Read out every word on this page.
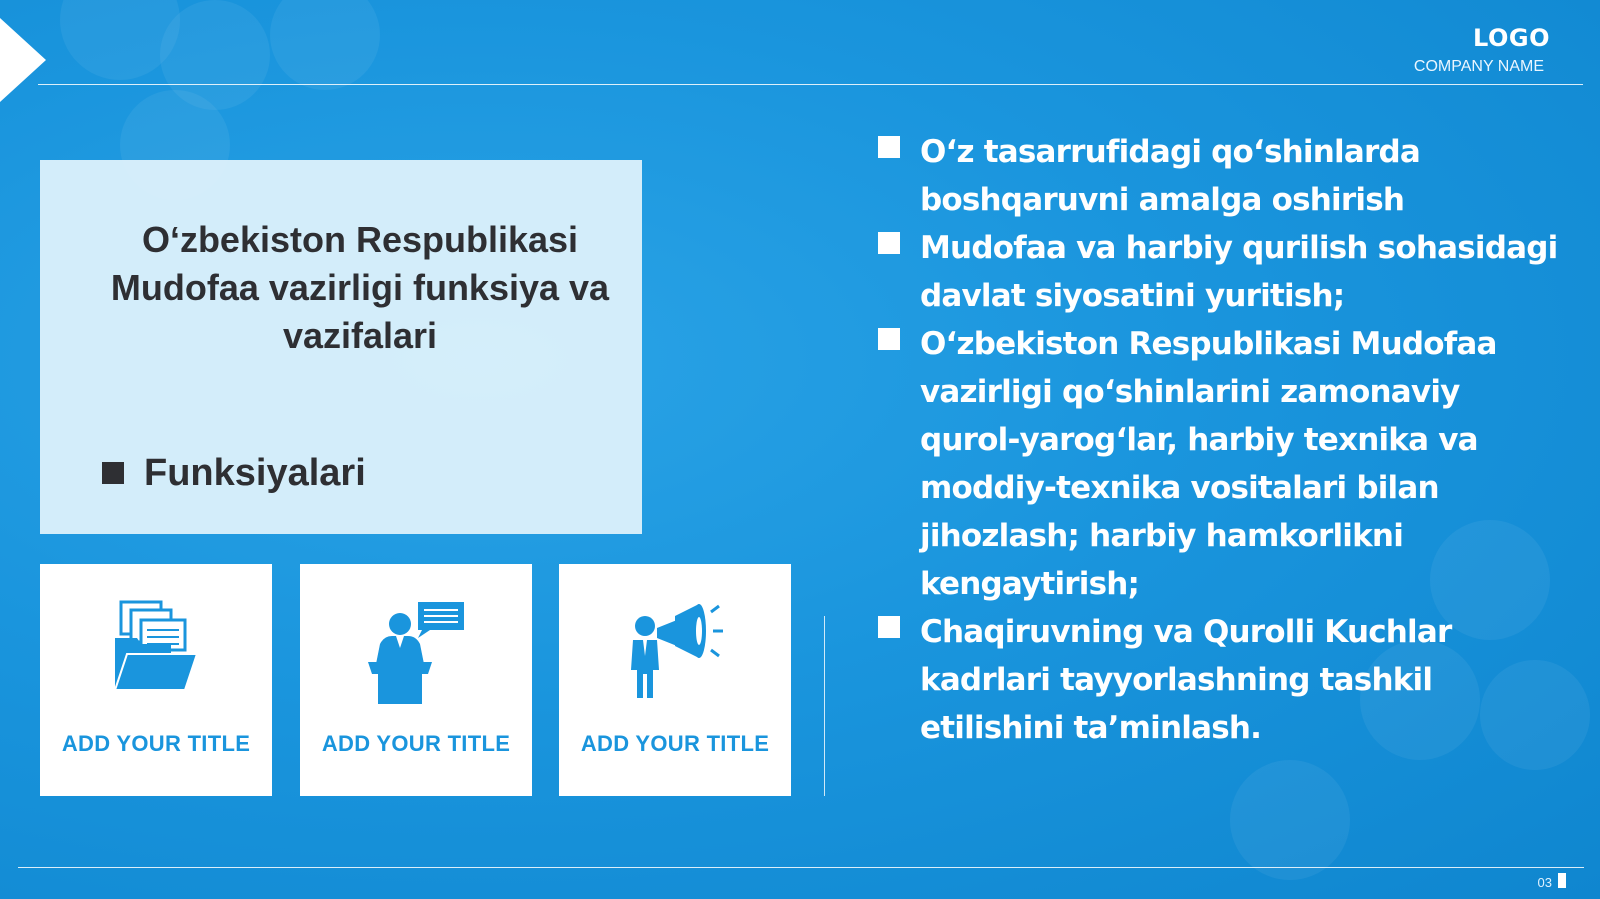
LOGO
COMPANY NAME
O‘zbekiston Respublikasi Mudofaa vazirligi funksiya va vazifalari
Funksiyalari
ADD YOUR TITLE	ADD YOUR TITLE	ADD YOUR TITLE
O‘z tasarrufidagi qo‘shinlarda boshqaruvni amalga oshirish
Mudofaa va harbiy qurilish sohasidagi davlat siyosatini yuritish;
O‘zbekiston Respublikasi Mudofaa vazirligi qo‘shinlarini zamonaviy qurol-yarog‘lar, harbiy texnika va moddiy-texnika vositalari bilan jihozlash; harbiy hamkorlikni kengaytirish;
Chaqiruvning va Qurolli Kuchlar kadrlari tayyorlashning tashkil etilishini ta’minlash.
03
